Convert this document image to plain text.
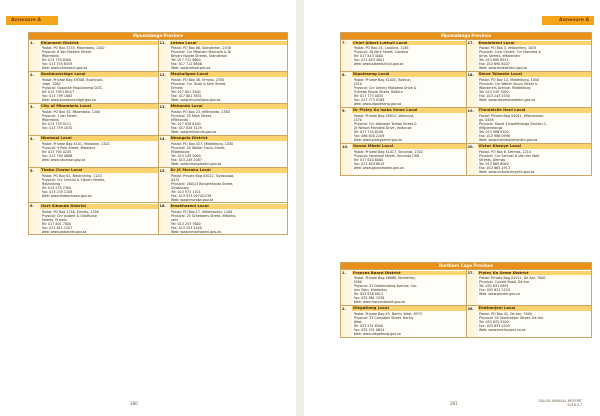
Annexure A
Mpumalanga Province
1.	Ehlanzeni District
Postal: PO Box 3333, Mbombela, 1200
Physical: 8 Van Niekerk Street,
Mbombela
Tel: 013 759 8500
Fax: 013 755 8559
Web: www.ehlanzeni.gov.za
11.	Lekwa Local
Postal: PO Box 66, Standerton, 2430
Physical: Cnr Mbonani Mayisela & Dr
Beyers Naude Streets, Standerton
Tel: 017 712 9600
Fax: 017 712 6808
Web: www.lekwa.gov.za
2.	Bushbuckridge Local
Postal: Private Bag X9308, Bushbuck-
ridge, 1280
Physical: Opposite Mapulaneng DLTC
Tel: 013 799 1851/7
Fax: 013 799 1865
Web: www.bushbuckridge.gov.za
12.	Msukaligwa Local
Postal: PO Box 48, Ermelo, 2350
Physical: Cnr Taute & Kerk Street,
Ermelo
Tel: 017 801 3500
Fax: 017 801 3851
Web: www.msukaligwa.gov.za
3.	City of Mbombela Local
Postal: PO Box 45, Mbombela, 1200
Physical: 1 Nel Street,
Mbombela
Tel: 013 759 9111
Fax: 013 759 2070
13.	Mkhondo Local
Postal: PO Box 23, eMkhondo, 2380
Physical: 33 Mark Street,
eMkhondo
Tel: 017 826 8100
Fax: 017 826 3129
Web: www.mkhondo.gov.za
4.	Nkomazi Local
Postal: Private Bag X101, Malalane, 1320
Physical: 9 Park Street, Malalane
Tel: 013 790 0245
Fax: 013 790 0886
Web: www.nkomazi.gov.za
14.	Nkangala District
Postal: PO Box 437, Middelburg, 1050
Physical: 2A Walter Sisulu Street,
Middelburg
Tel: 013 249 2000
Fax: 013 249 2087
Web: www.nkangaladm.gov.za
5.	Thaba Chweu Local
Postal: PO Box 61, Mashishing, 1120
Physical: Cnr Central & Viljoen Streets,
Mashishing
Tel: 013 235 7300
Fax: 013 235 1108
Web: www.thabachweu.gov.za
15.	Dr JS Moroka Local
Postal: Private Bag X4012, Siyabuswa,
0472
Physical: 2601/3 Bongimfundo Street,
Siyabuswa
Tel: 013 973 1101
Fax: 013 973 0974/1238
Web: www.moroka.gov.za
6.	Gert Sibande District
Postal: PO Box 1748, Ermelo, 2350
Physical: Cnr Joubert & Oosthuise
Streets, Ermelo
Tel: 017 801 7000
Fax: 017 811 1207
Web: www.gsibande.gov.za
16.	Emakhazeni Local
Postal: PO Box 17, eMakhazeni, 1100
Physical: 25 Scheepers Street, eMakha-
zeni
Tel: 013 253 7600
Fax: 013 253 2440
Web: www.emakhazeni.gov.za
280
Annexure A
Mpumalanga Province
7.	Chief Albert Luthuli Local
Postal: PO Box 24, Carolina, 1185
Physical: 28 Kerk Street, Carolina
Tel: 017 843 4000
Fax: 017 843 4001
Web: www.albertluthuli.gov.za
17.	Emalahleni Local
Postal: PO Box 3, eMalahleni, 1035
Physical: Civic Centre, Cnr Mandela &
Arras Streets, eMalahleni
Tel: 013 690 6911
Fax: 013 690 6207
Web: www.emalahleni.gov.za
8.	Dipaleseng Local
Postal: Private Bag X1005, Balfour,
2410
Physical: Cnr Johnny Mokoena Drive &
Themba Khoza Street, Balfour
Tel: 017 773 0055
Fax: 017 773 0169
Web: www.dipaleseng.gov.za
18.	Steve Tshwete Local
Postal: PO Box 14, Middelburg, 1050
Physical: Cnr Walter Sisulu Street &
Wanderers Avenue, Middelburg
Tel: 013 249 7000
Fax: 013 243 2550
Web: www.stevetshwetelm.gov.za
9.	Dr Pixley Ka Isaka Seme Local
Postal: Private Bag X9011, Volksrust,
2470
Physical: Cnr Adelaide Tambo Street &
Dr Nelson Mandela Drive, Volksrust
Tel: 017 734 6100
Fax: 086 630 2209
Web: www.pixleyseme.gov.za
19.	Thembisile Hani Local
Postal: Private Bag X4041, eMpumalan-
ga, 0458
Physical: Stand 4 KwaMhlanga Section C,
eMpumalanga
Tel: 013 986 9100
Fax: 013 986 0998
Web: www.thembisilehanilm.gov.za
10.	Govan Mbeki Local
Postal: Private Bag X1017, Secunda, 2302
Physical: Horwood Street, Secunda CBD
Tel: 017 620 6000
Fax: 017 634 8019
Web: www.govanmbeki.gov.za
20.	Victor Khanye Local
Postal: PO Box 6, Delmas, 2210
Physical: Cnr Samuel & Van der Walt
Streets, Delmas
Tel: 013 665 6000
Fax: 013 665 2913
Web: www.victorkhanyelm.gov.za
Northern Cape Province
1.	Frances Baard District
Postal: Private Bag X6088, Kimberley,
8300
Physical: 51 Drakensberg Avenue, Car-
ters Glen, Kimberley
Tel: 053 838 0911
Fax: 053 861 1538
Web: www.francesbaard.gov.za
27.	Pixley Ka Seme District
Postal: Private Bag X1012, De Aar, 7000
Physical: Culvert Road, De Aar
Tel: 053 631 0891
Fax: 053 631 2529
Web: www.pksdm.gov.za
2.	Dikgatlong Local
Postal: Private Bag X5, Barkly West, 8375
Physical: 33 Campbell Street, Barkly
West
Tel: 053 531 6500
Fax: 053 531 0624
Web: www.dikgatlong.gov.za
28.	Emthanjeni Local
Postal: PO Box 42, De Aar, 7000
Physical: 45 Voortrekker Street, De Aar
Tel: 053 632 9100
Fax: 053 631 0105
Web: www.emthanjeni.co.za
281
SALGA ANNUAL REPORT
2016/17
